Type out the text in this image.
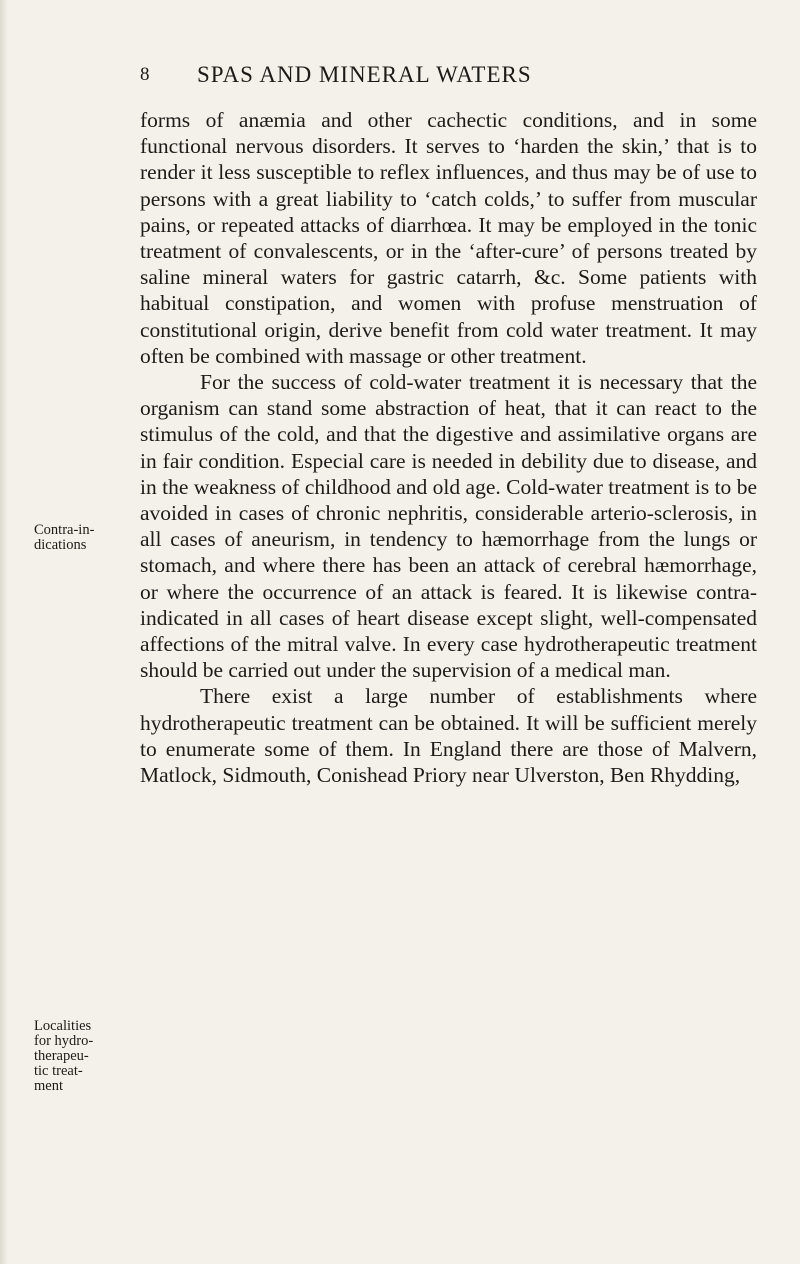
8 SPAS AND MINERAL WATERS

forms of anæmia and other cachectic conditions, and in some functional nervous disorders. It serves to ‘harden the skin,’ that is to render it less susceptible to reflex influences, and thus may be of use to persons with a great liability to ‘catch colds,’ to suffer from muscular pains, or repeated attacks of diarrhœa. It may be employed in the tonic treatment of convalescents, or in the ‘after-cure’ of persons treated by saline mineral waters for gastric catarrh, &c. Some patients with habitual constipation, and women with profuse menstruation of constitutional origin, derive benefit from cold water treatment. It may often be combined with massage or other treatment.

For the success of cold-water treatment it is necessary that the organism can stand some abstraction of heat, that it can react to the stimulus of the cold, and that the digestive and assimilative organs are in fair condition. Especial care is needed in debility due to disease, and in the weakness of childhood and old age. Cold-water treatment is to be avoided in cases of chronic nephritis, considerable arterio-sclerosis, in all cases of aneurism, in tendency to hæmorrhage from the lungs or stomach, and where there has been an attack of cerebral hæmorrhage, or where the occurrence of an attack is feared. It is likewise contra-indicated in all cases of heart disease except slight, well-compensated affections of the mitral valve. In every case hydrotherapeutic treatment should be carried out under the supervision of a medical man.

There exist a large number of establishments where hydrotherapeutic treatment can be obtained. It will be sufficient merely to enumerate some of them. In England there are those of Malvern, Matlock, Sidmouth, Conishead Priory near Ulverston, Ben Rhydding,

Contra-in-
dications
Localities
for hydro-
therapeu-
tic treat-
ment
